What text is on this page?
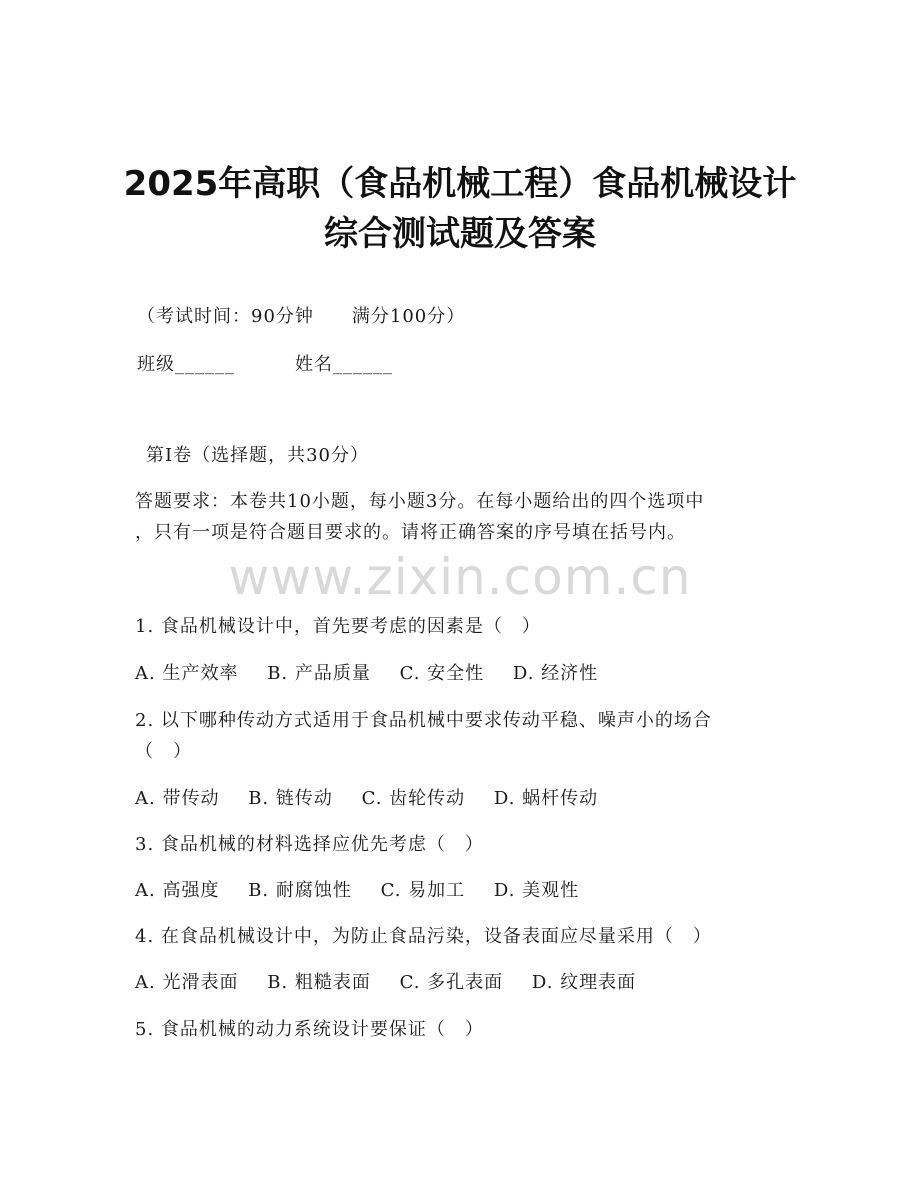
2025年高职（食品机械工程）食品机械设计
综合测试题及答案
（考试时间：90分钟　　满分100分）
班级______	姓名______
第I卷（选择题，共30分）
答题要求：本卷共10小题，每小题3分。在每小题给出的四个选项中
，只有一项是符合题目要求的。请将正确答案的序号填在括号内。
www.zixin.com.cn
1. 食品机械设计中，首先要考虑的因素是（　）
A. 生产效率 B. 产品质量 C. 安全性 D. 经济性
2. 以下哪种传动方式适用于食品机械中要求传动平稳、噪声小的场合
（　）
A. 带传动 B. 链传动 C. 齿轮传动 D. 蜗杆传动
3. 食品机械的材料选择应优先考虑（　）
A. 高强度 B. 耐腐蚀性 C. 易加工 D. 美观性
4. 在食品机械设计中，为防止食品污染，设备表面应尽量采用（　）
A. 光滑表面 B. 粗糙表面 C. 多孔表面 D. 纹理表面
5. 食品机械的动力系统设计要保证（　）
